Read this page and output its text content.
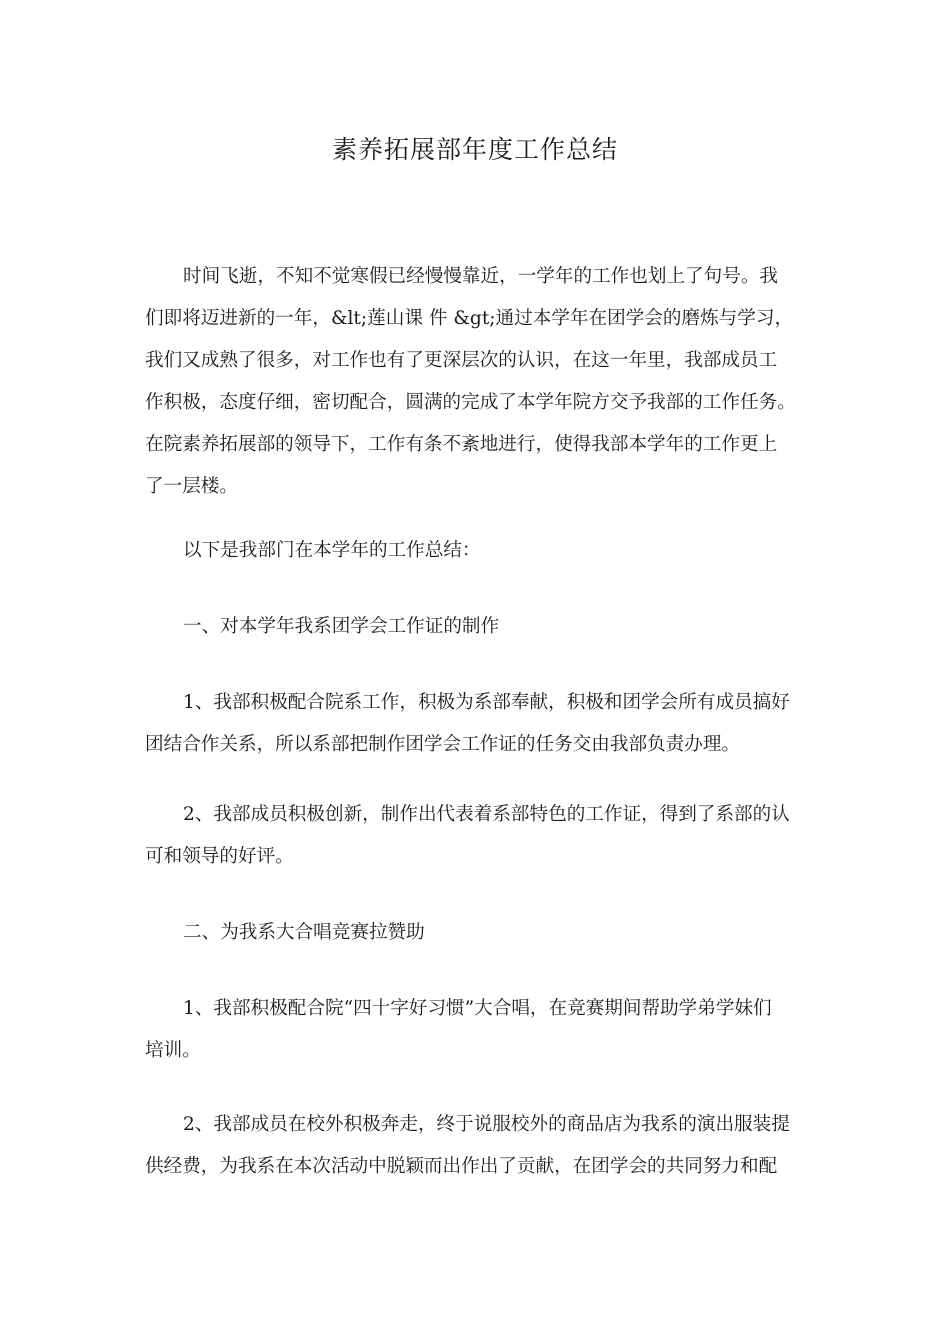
素养拓展部年度工作总结
时间飞逝，不知不觉寒假已经慢慢靠近，一学年的工作也划上了句号。我
们即将迈进新的一年，&lt;莲山课 件 &gt;通过本学年在团学会的磨炼与学习，
我们又成熟了很多，对工作也有了更深层次的认识，在这一年里，我部成员工
作积极，态度仔细，密切配合，圆满的完成了本学年院方交予我部的工作任务。
在院素养拓展部的领导下，工作有条不紊地进行，使得我部本学年的工作更上
了一层楼。
以下是我部门在本学年的工作总结：
一、对本学年我系团学会工作证的制作
1、我部积极配合院系工作，积极为系部奉献，积极和团学会所有成员搞好
团结合作关系，所以系部把制作团学会工作证的任务交由我部负责办理。
2、我部成员积极创新，制作出代表着系部特色的工作证，得到了系部的认
可和领导的好评。
二、为我系大合唱竞赛拉赞助
1、我部积极配合院“四十字好习惯”大合唱，在竞赛期间帮助学弟学妹们
培训。
2、我部成员在校外积极奔走，终于说服校外的商品店为我系的演出服装提
供经费，为我系在本次活动中脱颖而出作出了贡献，在团学会的共同努力和配
